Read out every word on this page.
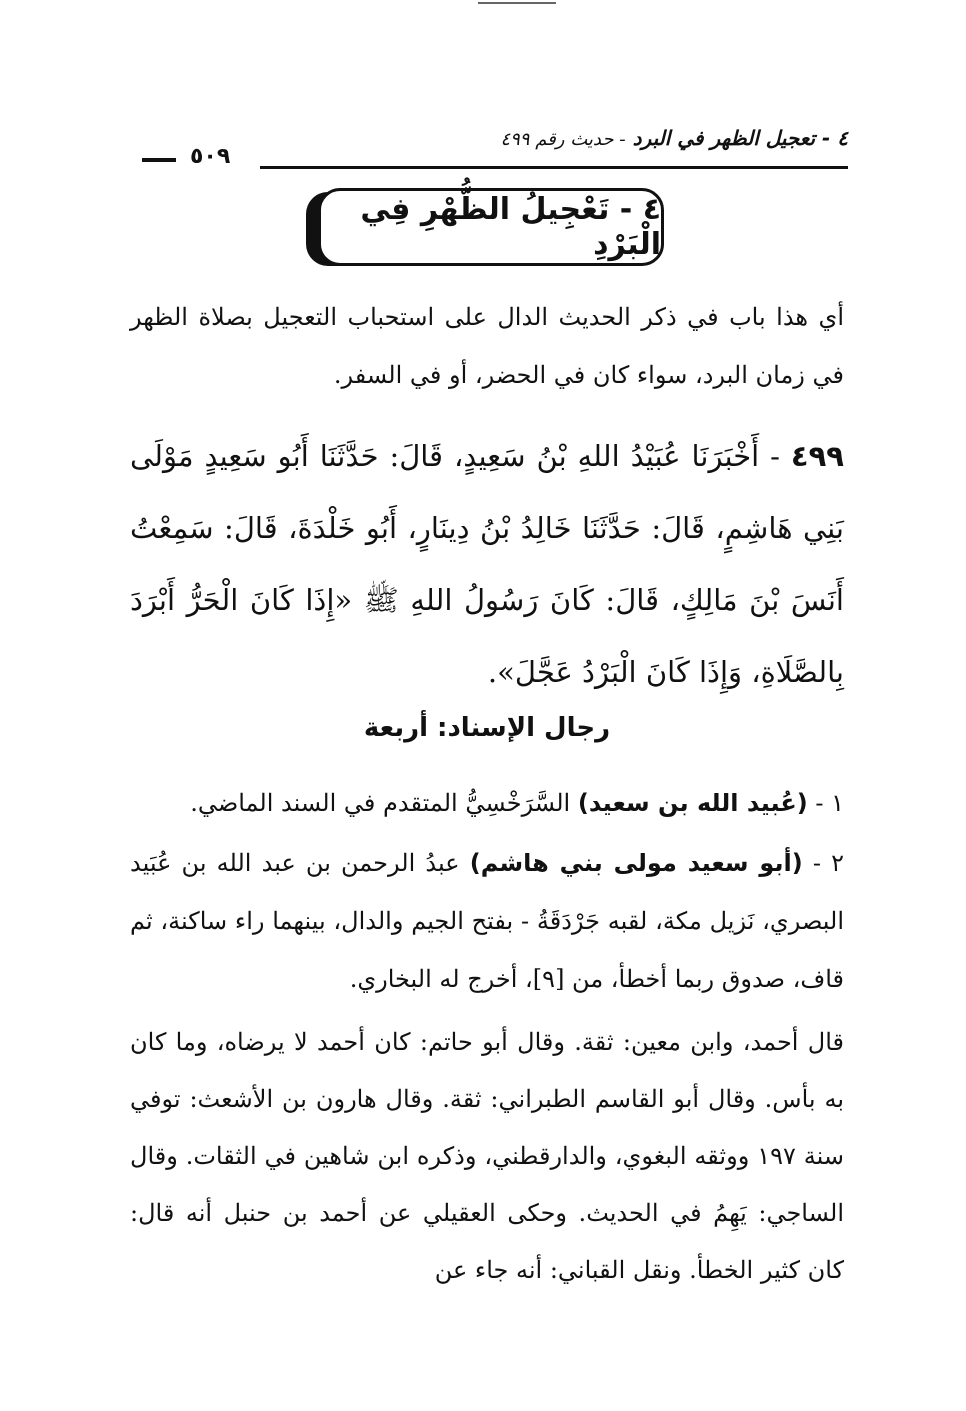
٤ - تعجيل الظهر في البرد - حديث رقم ٤٩٩
٥٠٩
٤ - تَعْجِيلُ الظُّهْرِ فِي الْبَرْدِ
أي هذا باب في ذكر الحديث الدال على استحباب التعجيل بصلاة الظهر في زمان البرد، سواء كان في الحضر، أو في السفر.
٤٩٩ - أَخْبَرَنَا عُبَيْدُ اللهِ بْنُ سَعِيدٍ، قَالَ: حَدَّثَنَا أَبُو سَعِيدٍ مَوْلَى بَنِي هَاشِمٍ، قَالَ: حَدَّثَنَا خَالِدُ بْنُ دِينَارٍ، أَبُو خَلْدَةَ، قَالَ: سَمِعْتُ أَنَسَ بْنَ مَالِكٍ، قَالَ: كَانَ رَسُولُ اللهِ ﷺ «إِذَا كَانَ الْحَرُّ أَبْرَدَ بِالصَّلَاةِ، وَإِذَا كَانَ الْبَرْدُ عَجَّلَ».
رجال الإسناد: أربعة

١ - (عُبيد الله بن سعيد) السَّرَخْسِيُّ المتقدم في السند الماضي.

٢ - (أبو سعيد مولى بني هاشم) عبدُ الرحمن بن عبد الله بن عُبَيد البصري، نَزيل مكة، لقبه جَرْدَقَةُ - بفتح الجيم والدال، بينهما راء ساكنة، ثم قاف، صدوق ربما أخطأ، من [٩]، أخرج له البخاري.

قال أحمد، وابن معين: ثقة. وقال أبو حاتم: كان أحمد لا يرضاه، وما كان به بأس. وقال أبو القاسم الطبراني: ثقة. وقال هارون بن الأشعث: توفي سنة ١٩٧ ووثقه البغوي، والدارقطني، وذكره ابن شاهين في الثقات. وقال الساجي: يَهِمُ في الحديث. وحكى العقيلي عن أحمد بن حنبل أنه قال: كان كثير الخطأ. ونقل القباني: أنه جاء عن
